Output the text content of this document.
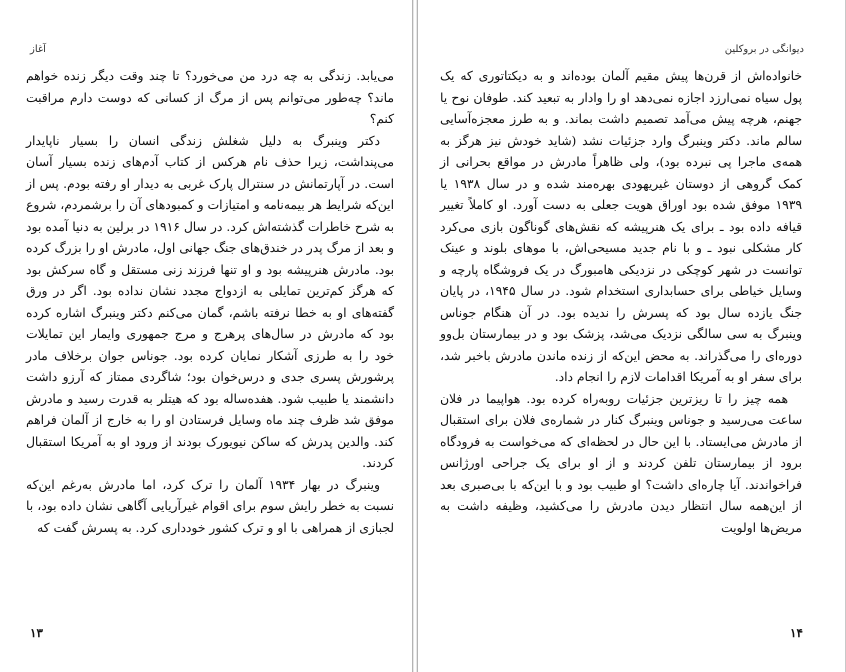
آغاز

می‌یابد. زندگی به چه درد من می‌خورد؟ تا چند وقت دیگر زنده خواهم ماند؟ چه‌طور می‌توانم پس از مرگ از کسانی که دوست دارم مراقبت کنم؟

دکتر وینبرگ به دلیل شغلش زندگی انسان را بسیار ناپایدار می‌پنداشت، زیرا حذف نام هرکس از کتاب آدم‌های زنده بسیار آسان است. در آپارتمانش در سنترال پارک غربی به دیدار او رفته بودم. پس از این‌که شرایط هر بیمه‌نامه و امتیازات و کمبودهای آن را برشمردم، شروع به شرح خاطرات گذشته‌اش کرد. در سال ۱۹۱۶ در برلین به دنیا آمده بود و بعد از مرگ پدر در خندق‌های جنگ جهانی اول، مادرش او را بزرگ کرده بود. مادرش هنرپیشه بود و او تنها فرزند زنی مستقل و گاه سرکش بود که هرگز کم‌ترین تمایلی به ازدواج مجدد نشان نداده بود. اگر در ورق گفته‌های او به خطا نرفته باشم، گمان می‌کنم دکتر وینبرگ اشاره کرده بود که مادرش در سال‌های پرهرج و مرج جمهوری وایمار این تمایلات خود را به طرزی آشکار نمایان کرده بود. جوناس جوان برخلاف مادر پرشورش پسری جدی و درس‌خوان بود؛ شاگردی ممتاز که آرزو داشت دانشمند یا طبیب شود. هفده‌ساله بود که هیتلر به قدرت رسید و مادرش موفق شد ظرف چند ماه وسایل فرستادن او را به خارج از آلمان فراهم کند. والدین پدرش که ساکن نیویورک بودند از ورود او به آمریکا استقبال کردند.

وینبرگ در بهار ۱۹۳۴ آلمان را ترک کرد، اما مادرش به‌رغم این‌که نسبت به خطر رایش سوم برای اقوام غیرآریایی آگاهی نشان داده بود، با لجبازی از همراهی با او و ترک کشور خودداری کرد. به پسرش گفت که

۱۳
دیوانگی در بروکلین

خانواده‌اش از قرن‌ها پیش مقیم آلمان بوده‌اند و به دیکتاتوری که یک پول سیاه نمی‌ارزد اجازه نمی‌دهد او را وادار به تبعید کند. طوفان نوح یا جهنم، هرچه پیش می‌آمد تصمیم داشت بماند. و به طرز معجزه‌آسایی سالم ماند. دکتر وینبرگ وارد جزئیات نشد (شاید خودش نیز هرگز به همه‌ی ماجرا پی نبرده بود)، ولی ظاهراً مادرش در مواقع بحرانی از کمک گروهی از دوستان غیریهودی بهره‌مند شده و در سال ۱۹۳۸ یا ۱۹۳۹ موفق شده بود اوراق هویت جعلی به دست آورد. او کاملاً تغییر قیافه داده بود ـ برای یک هنرپیشه که نقش‌های گوناگون بازی می‌کرد کار مشکلی نبود ـ و با نام جدید مسیحی‌اش، با موهای بلوند و عینک توانست در شهر کوچکی در نزدیکی هامبورگ در یک فروشگاه پارچه و وسایل خیاطی برای حسابداری استخدام شود. در سال ۱۹۴۵، در پایان جنگ یازده سال بود که پسرش را ندیده بود. در آن هنگام جوناس وینبرگ به سی سالگی نزدیک می‌شد، پزشک بود و در بیمارستان بل‌وو دوره‌ای را می‌گذراند. به محض این‌که از زنده ماندن مادرش باخبر شد، برای سفر او به آمریکا اقدامات لازم را انجام داد.

همه چیز را تا ریزترین جزئیات روبه‌راه کرده بود. هواپیما در فلان ساعت می‌رسید و جوناس وینبرگ کنار در شماره‌ی فلان برای استقبال از مادرش می‌ایستاد. با این حال در لحظه‌ای که می‌خواست به فرودگاه برود از بیمارستان تلفن کردند و از او برای یک جراحی اورژانس فراخواندند. آیا چاره‌ای داشت؟ او طبیب بود و با این‌که با بی‌صبری بعد از این‌همه سال انتظار دیدن مادرش را می‌کشید، وظیفه داشت به مریض‌ها اولویت

۱۴
